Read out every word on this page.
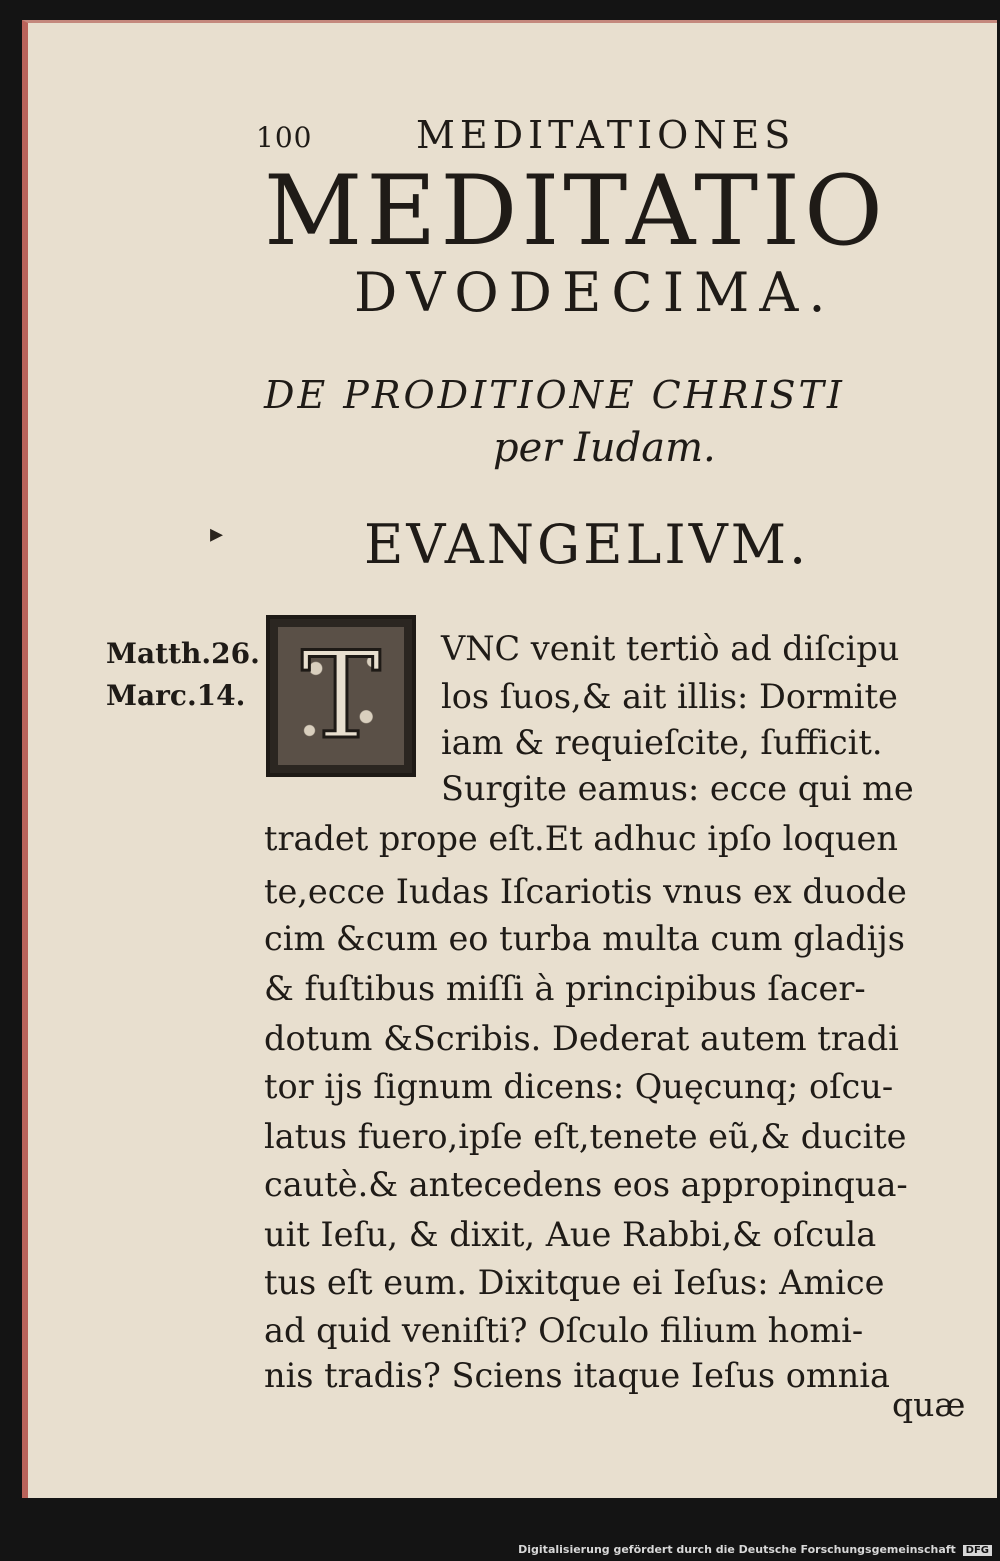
100	MEDITATIONES
MEDITATIO
DVODECIMA.
DE PRODITIONE CHRISTI
per Iudam.
▸	EVANGELIVM.
Matth.26.
Marc.14. T	VNC venit tertiò ad diſcipu
los ſuos,& ait illis: Dormite
iam & requieſcite, ſufficit.
Surgite eamus: ecce qui me
tradet prope eſt.Et adhuc ipſo loquen
te,ecce Iudas Iſcariotis vnus ex duode
cim &cum eo turba multa cum gladijs
& fuſtibus miſſi à principibus ſacer-
dotum &Scribis. Dederat autem tradi
tor ijs ſignum dicens: Quęcunq; oſcu-
latus fuero,ipſe eſt,tenete eũ,& ducite
cautè.& antecedens eos appropinqua-
uit Ieſu, & dixit, Aue Rabbi,& oſcula
tus eſt eum. Dixitque ei Ieſus: Amice
ad quid veniſti? Oſculo filium homi-
nis tradis? Sciens itaque Ieſus omnia
quæ
Digitalisierung gefördert durch die Deutsche Forschungsgemeinschaft DFG
